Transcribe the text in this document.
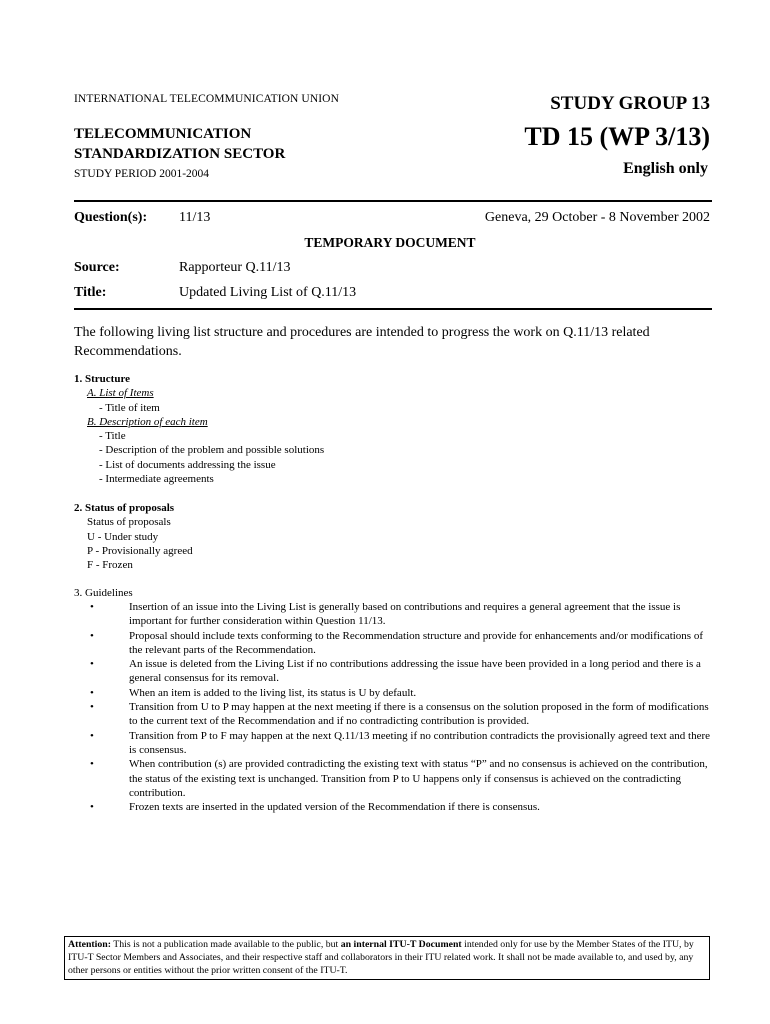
INTERNATIONAL TELECOMMUNICATION UNION
TELECOMMUNICATION
STANDARDIZATION SECTOR
STUDY PERIOD 2001-2004
STUDY GROUP 13
TD 15 (WP 3/13)
English only
Question(s): 11/13	Geneva, 29 October - 8 November 2002
TEMPORARY DOCUMENT
Source:	Rapporteur Q.11/13
Title:	Updated Living List of Q.11/13
The following living list structure and procedures are intended to progress the work on Q.11/13 related Recommendations.
1. Structure
A. List of Items
- Title of item
B. Description of each item
- Title
- Description of the problem and possible solutions
- List of documents addressing the issue
- Intermediate agreements
2. Status of proposals
Status of proposals
U - Under study
P - Provisionally agreed
F - Frozen
3. Guidelines
•	Insertion of an issue into the Living List is generally based on contributions and requires a general agreement that the issue is important for further consideration within Question 11/13.
•	Proposal should include texts conforming to the Recommendation structure and provide for enhancements and/or modifications of the relevant parts of the Recommendation.
•	An issue is deleted from the Living List if no contributions addressing the issue have been provided in a long period and there is a general consensus for its removal.
•	When an item is added to the living list, its status is U by default.
•	Transition from U to P may happen at the next meeting if there is a consensus on the solution proposed in the form of modifications to the current text of the Recommendation and if no contradicting contribution is provided.
•	Transition from P to F may happen at the next Q.11/13 meeting if no contribution contradicts the provisionally agreed text and there is consensus.
•	When contribution (s) are provided contradicting the existing text with status “P” and no consensus is achieved on the contribution, the status of the existing text is unchanged. Transition from P to U happens only if consensus is achieved on the contradicting contribution.
•	Frozen texts are inserted in the updated version of the Recommendation if there is consensus.
Attention: This is not a publication made available to the public, but an internal ITU-T Document intended only for use by the Member States of the ITU, by ITU-T Sector Members and Associates, and their respective staff and collaborators in their ITU related work. It shall not be made available to, and used by, any other persons or entities without the prior written consent of the ITU-T.
